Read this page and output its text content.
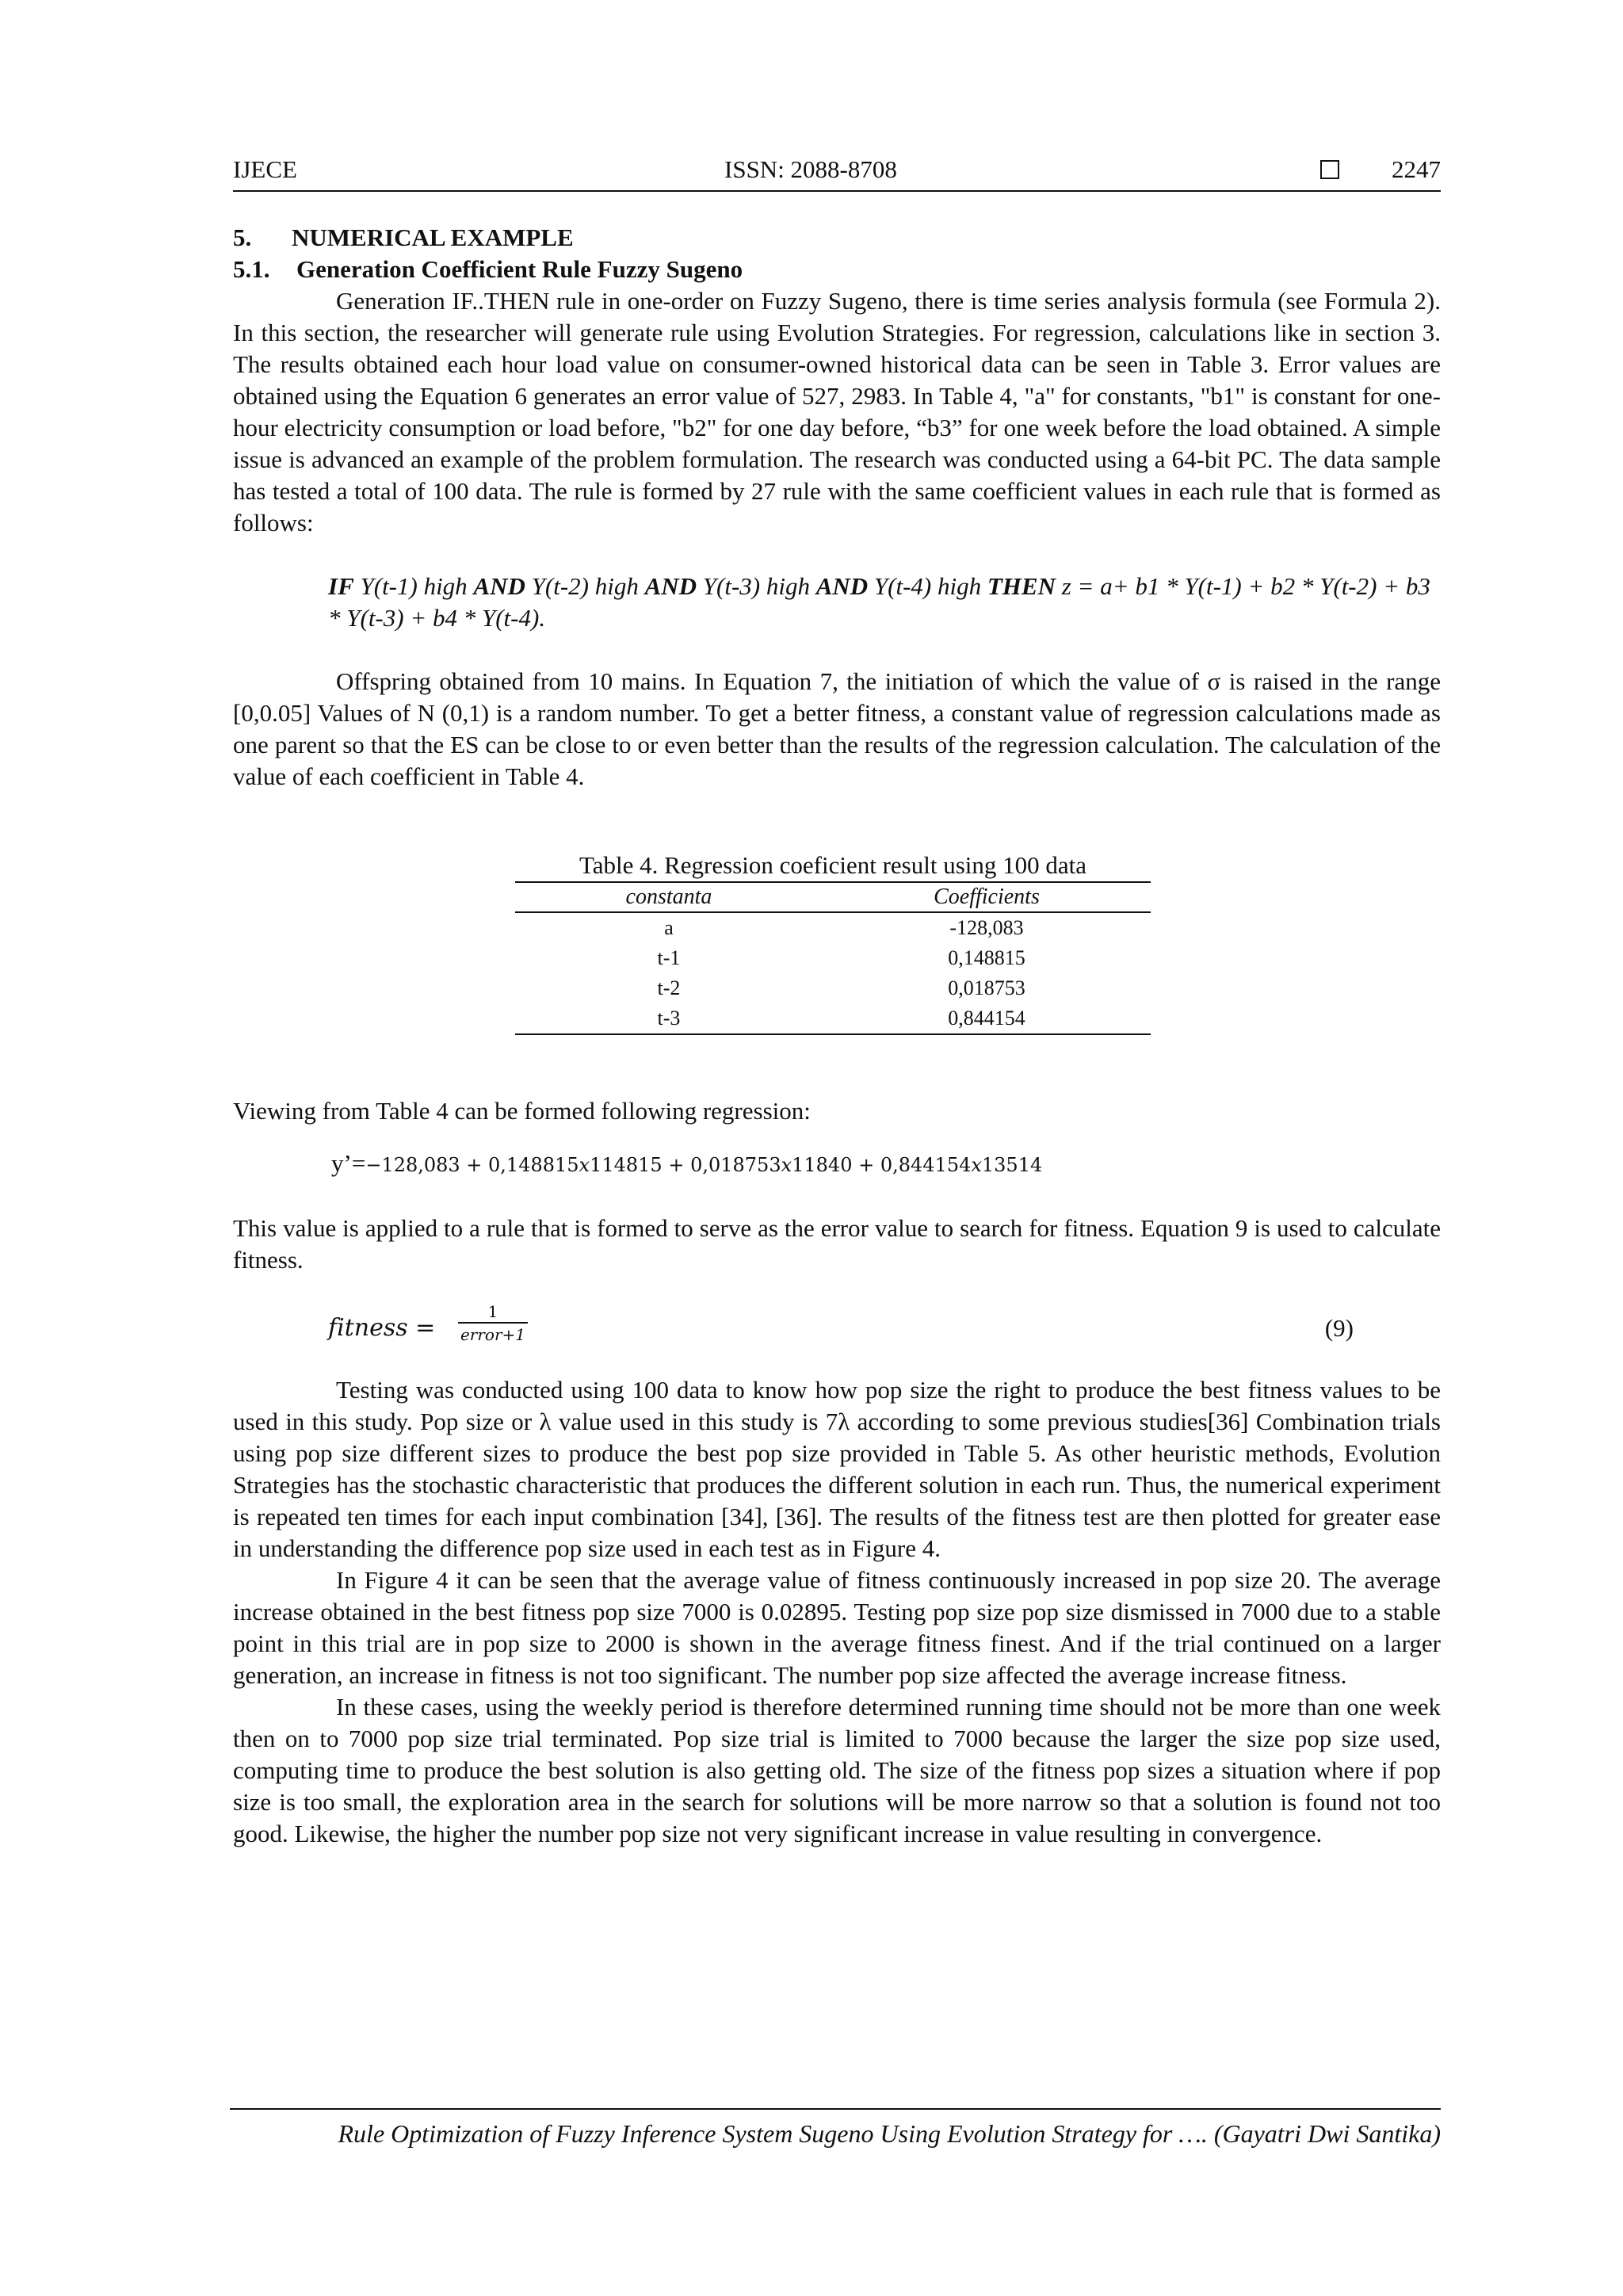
IJECE	ISSN: 2088-8708	2247
5. NUMERICAL EXAMPLE
5.1. Generation Coefficient Rule Fuzzy Sugeno

Generation IF..THEN rule in one-order on Fuzzy Sugeno, there is time series analysis formula (see Formula 2). In this section, the researcher will generate rule using Evolution Strategies. For regression, calculations like in section 3. The results obtained each hour load value on consumer-owned historical data can be seen in Table 3. Error values are obtained using the Equation 6 generates an error value of 527, 2983. In Table 4, "a" for constants, "b1" is constant for one-hour electricity consumption or load before, "b2" for one day before, “b3” for one week before the load obtained. A simple issue is advanced an example of the problem formulation. The research was conducted using a 64-bit PC. The data sample has tested a total of 100 data. The rule is formed by 27 rule with the same coefficient values in each rule that is formed as follows:

IF Y(t-1) high AND Y(t-2) high AND Y(t-3) high AND Y(t-4) high THEN z = a+ b1 * Y(t-1) + b2 * Y(t-2) + b3 * Y(t-3) + b4 * Y(t-4).

Offspring obtained from 10 mains. In Equation 7, the initiation of which the value of σ is raised in the range [0,0.05] Values of N (0,1) is a random number. To get a better fitness, a constant value of regression calculations made as one parent so that the ES can be close to or even better than the results of the regression calculation. The calculation of the value of each coefficient in Table 4.

Table 4. Regression coeficient result using 100 data
constanta	Coefficients
a	-128,083
t-1	0,148815
t-2	0,018753
t-3	0,844154

Viewing from Table 4 can be formed following regression:

y’=−128,083 + 0,148815𝑥114815 + 0,018753𝑥11840 + 0,844154𝑥13514

This value is applied to a rule that is formed to serve as the error value to search for fitness. Equation 9 is used to calculate fitness.

𝑓𝑖𝑡𝑛𝑒𝑠𝑠 =
1
𝑒𝑟𝑟𝑜𝑟+1	(9)

Testing was conducted using 100 data to know how pop size the right to produce the best fitness values to be used in this study. Pop size or λ value used in this study is 7λ according to some previous studies[36] Combination trials using pop size different sizes to produce the best pop size provided in Table 5. As other heuristic methods, Evolution Strategies has the stochastic characteristic that produces the different solution in each run. Thus, the numerical experiment is repeated ten times for each input combination [34], [36]. The results of the fitness test are then plotted for greater ease in understanding the difference pop size used in each test as in Figure 4.

In Figure 4 it can be seen that the average value of fitness continuously increased in pop size 20. The average increase obtained in the best fitness pop size 7000 is 0.02895. Testing pop size pop size dismissed in 7000 due to a stable point in this trial are in pop size to 2000 is shown in the average fitness finest. And if the trial continued on a larger generation, an increase in fitness is not too significant. The number pop size affected the average increase fitness.

In these cases, using the weekly period is therefore determined running time should not be more than one week then on to 7000 pop size trial terminated. Pop size trial is limited to 7000 because the larger the size pop size used, computing time to produce the best solution is also getting old. The size of the fitness pop sizes a situation where if pop size is too small, the exploration area in the search for solutions will be more narrow so that a solution is found not too good. Likewise, the higher the number pop size not very significant increase in value resulting in convergence.

Rule Optimization of Fuzzy Inference System Sugeno Using Evolution Strategy for …. (Gayatri Dwi Santika)
